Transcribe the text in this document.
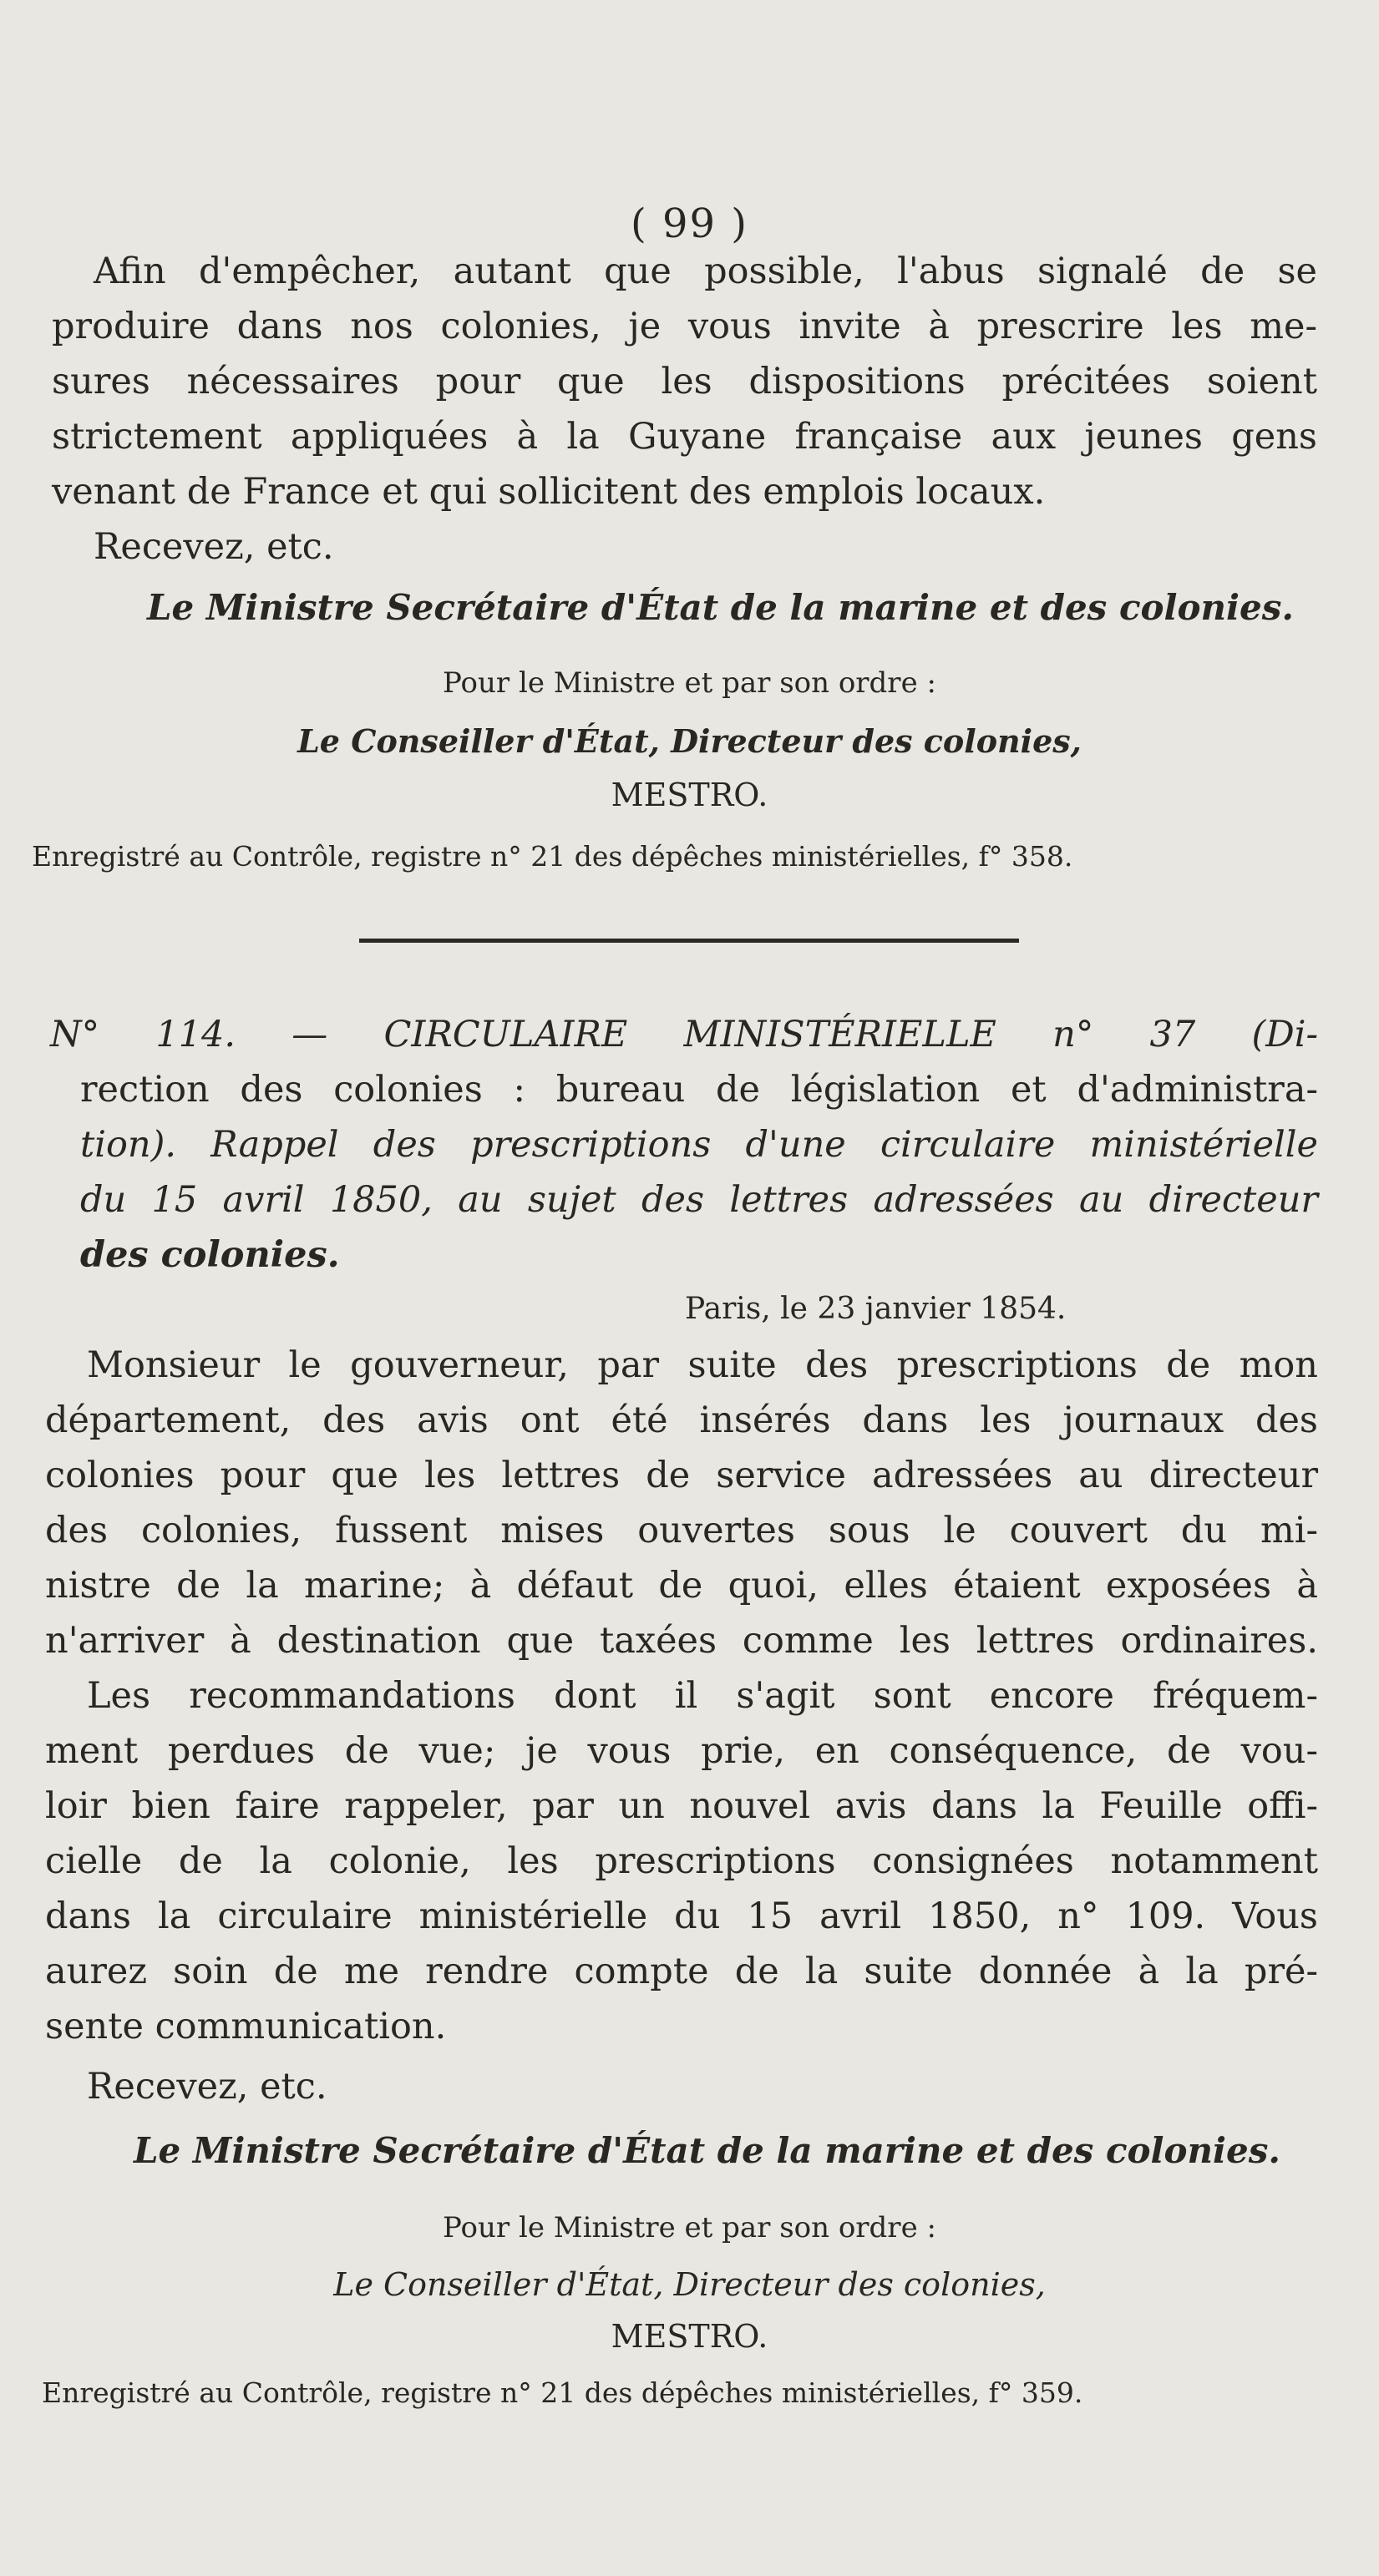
( 99 )

Afin d'empêcher, autant que possible, l'abus signalé de se
produire dans nos colonies, je vous invite à prescrire les me-
sures nécessaires pour que les dispositions précitées soient
strictement appliquées à la Guyane française aux jeunes gens
venant de France et qui sollicitent des emplois locaux.

Recevez, etc.
Le Ministre Secrétaire d'État de la marine et des colonies.
Pour le Ministre et par son ordre :
Le Conseiller d'État, Directeur des colonies,
MESTRO.
Enregistré au Contrôle, registre n° 21 des dépêches ministérielles, f° 358.

N° 114. — CIRCULAIRE MINISTÉRIELLE n° 37 (Di-
rection des colonies : bureau de législation et d'administra-
tion). Rappel des prescriptions d'une circulaire ministérielle
du 15 avril 1850, au sujet des lettres adressées au directeur
des colonies.

Paris, le 23 janvier 1854.

Monsieur le gouverneur, par suite des prescriptions de mon
département, des avis ont été insérés dans les journaux des
colonies pour que les lettres de service adressées au directeur
des colonies, fussent mises ouvertes sous le couvert du mi-
nistre de la marine; à défaut de quoi, elles étaient exposées à
n'arriver à destination que taxées comme les lettres ordinaires.

Les recommandations dont il s'agit sont encore fréquem-
ment perdues de vue; je vous prie, en conséquence, de vou-
loir bien faire rappeler, par un nouvel avis dans la Feuille offi-
cielle de la colonie, les prescriptions consignées notamment
dans la circulaire ministérielle du 15 avril 1850, n° 109. Vous
aurez soin de me rendre compte de la suite donnée à la pré-
sente communication.

Recevez, etc.
Le Ministre Secrétaire d'État de la marine et des colonies.
Pour le Ministre et par son ordre :
Le Conseiller d'État, Directeur des colonies,
MESTRO.
Enregistré au Contrôle, registre n° 21 des dépêches ministérielles, f° 359.
